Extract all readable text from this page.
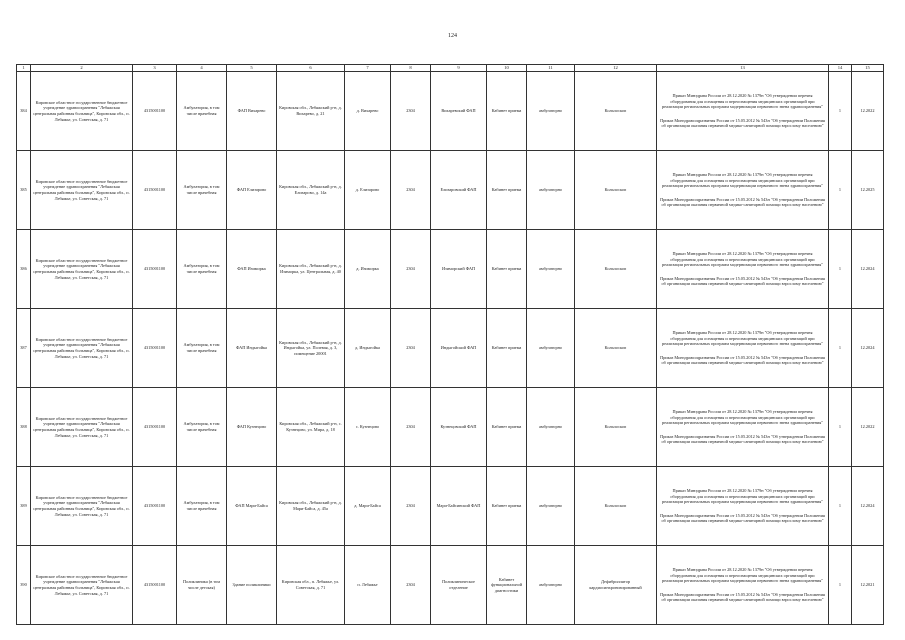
124
1	2	3	4	5	6	7	8	9	10	11	12	13	14	15
384	Кировское областное государственное бюджетное учреждение здравоохранения "Лебяжская центральная районная больница", Кировская обл., п. Лебяжье, ул. Советская, д. 71	4315001100	Амбулатория, в том числе врачебная	ФАП Вихарево	Кировская обл., Лебяжский р-н, д. Вихарево, д. 21	д. Вихарево	2304	Вихаревский ФАП	Кабинет приема	амбулаторно	Кольпоскоп	Приказ Минздрава России от 28.12.2020 № 1379н "Об утверждении перечня оборудования для оснащения и переоснащения медицинских организаций при реализации региональных программ модернизации первичного звена здравоохранения"
Приказ Минздравсоцразвития России от 15.05.2012 № 543н "Об утверждении Положения об организации оказания первичной медико-санитарной помощи взрослому населению"	1	12.2022
385	Кировское областное государственное бюджетное учреждение здравоохранения "Лебяжская центральная районная больница", Кировская обл., п. Лебяжье, ул. Советская, д. 71	4315001100	Амбулатория, в том числе врачебная	ФАП Елизарово	Кировская обл., Лебяжский р-н, д. Елизарово, д. 14а	д. Елизарово	2304	Елизаровский ФАП	Кабинет приема	амбулаторно	Кольпоскоп	Приказ Минздрава России от 28.12.2020 № 1379н "Об утверждении перечня оборудования для оснащения и переоснащения медицинских организаций при реализации региональных программ модернизации первичного звена здравоохранения"
Приказ Минздравсоцразвития России от 15.05.2012 № 543н "Об утверждении Положения об организации оказания первичной медико-санитарной помощи взрослому населению"	1	12.2025
386	Кировское областное государственное бюджетное учреждение здравоохранения "Лебяжская центральная районная больница", Кировская обл., п. Лебяжье, ул. Советская, д. 71	4315001100	Амбулатория, в том числе врачебная	ФАП Изиморка	Кировская обл., Лебяжский р-н, д. Изиморка, ул. Центральная, д. 40	д. Изиморка	2304	Изиморский ФАП	Кабинет приема	амбулаторно	Кольпоскоп	Приказ Минздрава России от 28.12.2020 № 1379н "Об утверждении перечня оборудования для оснащения и переоснащения медицинских организаций при реализации региональных программ модернизации первичного звена здравоохранения"
Приказ Минздравсоцразвития России от 15.05.2012 № 543н "Об утверждении Положения об организации оказания первичной медико-санитарной помощи взрослому населению"	1	12.2024
387	Кировское областное государственное бюджетное учреждение здравоохранения "Лебяжская центральная районная больница", Кировская обл., п. Лебяжье, ул. Советская, д. 71	4315001100	Амбулатория, в том числе врачебная	ФАП Индыгойка	Кировская обл., Лебяжский р-н, д. Индыгойка, ул. Полевая, д. 3, помещение 20001	д. Индыгойка	2304	Индыгойский ФАП	Кабинет приема	амбулаторно	Кольпоскоп	Приказ Минздрава России от 28.12.2020 № 1379н "Об утверждении перечня оборудования для оснащения и переоснащения медицинских организаций при реализации региональных программ модернизации первичного звена здравоохранения"
Приказ Минздравсоцразвития России от 15.05.2012 № 543н "Об утверждении Положения об организации оказания первичной медико-санитарной помощи взрослому населению"	1	12.2024
388	Кировское областное государственное бюджетное учреждение здравоохранения "Лебяжская центральная районная больница", Кировская обл., п. Лебяжье, ул. Советская, д. 71	4315001100	Амбулатория, в том числе врачебная	ФАП Кузнецово	Кировская обл., Лебяжский р-н, с. Кузнецово, ул. Мира, д. 18	с. Кузнецово	2304	Кузнецовский ФАП	Кабинет приема	амбулаторно	Кольпоскоп	Приказ Минздрава России от 28.12.2020 № 1379н "Об утверждении перечня оборудования для оснащения и переоснащения медицинских организаций при реализации региональных программ модернизации первичного звена здравоохранения"
Приказ Минздравсоцразвития России от 15.05.2012 № 543н "Об утверждении Положения об организации оказания первичной медико-санитарной помощи взрослому населению"	1	12.2022
389	Кировское областное государственное бюджетное учреждение здравоохранения "Лебяжская центральная районная больница", Кировская обл., п. Лебяжье, ул. Советская, д. 71	4315001100	Амбулатория, в том числе врачебная	ФАП Мари-Байса	Кировская обл., Лебяжский р-н, д. Мари-Байса, д. 45а	д. Мари-Байса	2304	Мари-Байсинский ФАП	Кабинет приема	амбулаторно	Кольпоскоп	Приказ Минздрава России от 28.12.2020 № 1379н "Об утверждении перечня оборудования для оснащения и переоснащения медицинских организаций при реализации региональных программ модернизации первичного звена здравоохранения"
Приказ Минздравсоцразвития России от 15.05.2012 № 543н "Об утверждении Положения об организации оказания первичной медико-санитарной помощи взрослому населению"	1	12.2024
390	Кировское областное государственное бюджетное учреждение здравоохранения "Лебяжская центральная районная больница", Кировская обл., п. Лебяжье, ул. Советская, д. 71	4315001100	Поликлиника (в том числе детская)	Здание поликлиники	Кировская обл., п. Лебяжье, ул. Советская, д. 71	п. Лебяжье	2304	Поликлиническое отделение	Кабинет функциональной диагностики	амбулаторно	Дефибриллятор кардиосинхронизированный	Приказ Минздрава России от 28.12.2020 № 1379н "Об утверждении перечня оборудования для оснащения и переоснащения медицинских организаций при реализации региональных программ модернизации первичного звена здравоохранения"
Приказ Минздравсоцразвития России от 15.05.2012 № 543н "Об утверждении Положения об организации оказания первичной медико-санитарной помощи взрослому населению"	1	12.2021
